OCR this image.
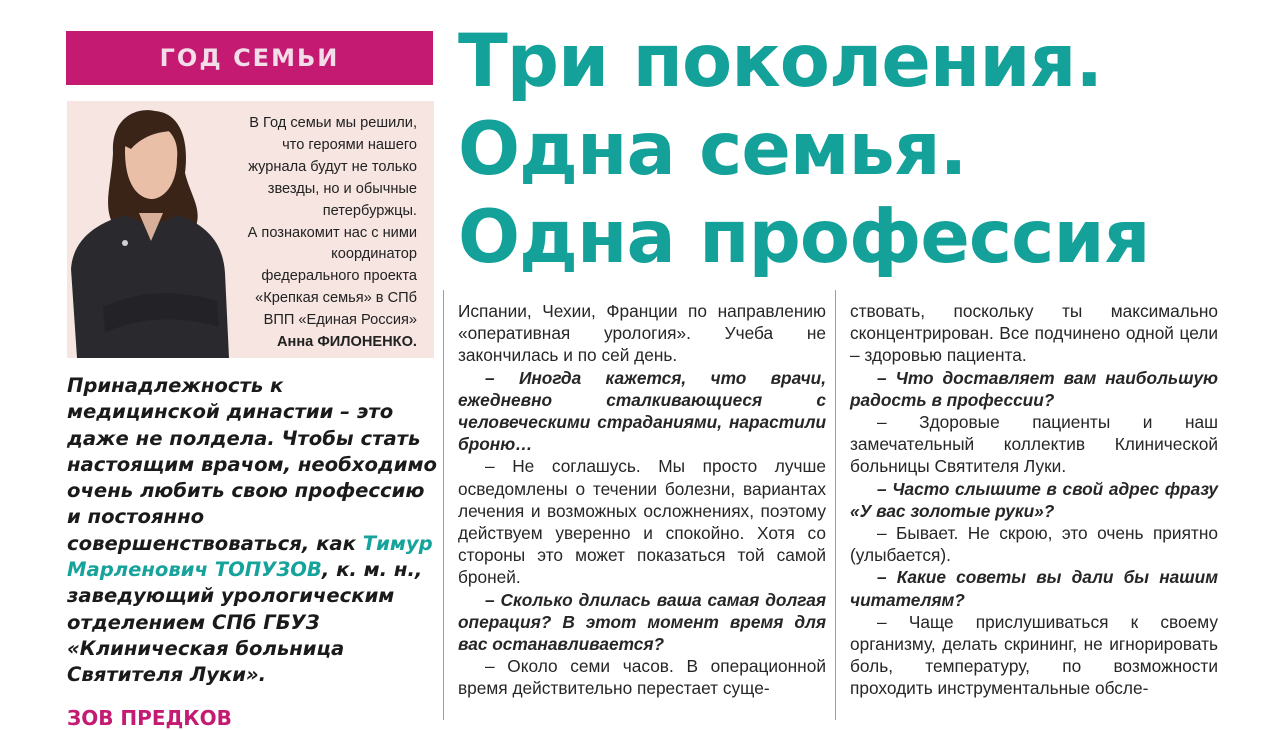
ГОД СЕМЬИ
В Год семьи мы решили,
что героями нашего
журнала будут не только
звезды, но и обычные
петербуржцы.
А познакомит нас с ними
координатор
федерального проекта
«Крепкая семья» в СПб
ВПП «Единая Россия»
Анна ФИЛОНЕНКО.
Принадлежность к медицинской династии – это даже не полдела. Чтобы стать настоящим врачом, необходимо очень любить свою профессию и постоянно совершенствоваться, как Тимур Марленович ТОПУЗОВ, к. м. н., заведующий урологическим отделением СПб ГБУЗ «Клиническая больница Святителя Луки».
ЗОВ ПРЕДКОВ
Три поколения.
Одна семья.
Одна профессия

Испании, Чехии, Франции по направлению «оперативная урология». Учеба не закончилась и по сей день.

– Иногда кажется, что врачи, ежедневно сталкивающиеся с человеческими страданиями, нарастили броню…

– Не соглашусь. Мы просто лучше осведомлены о течении болезни, вариантах лечения и возможных осложнениях, поэтому действуем уверенно и спокойно. Хотя со стороны это может показаться той самой броней.

– Сколько длилась ваша самая долгая операция? В этот момент время для вас останавливается?

– Около семи часов. В операционной время действительно перестает суще-

ствовать, поскольку ты максимально сконцентрирован. Все подчинено одной цели – здоровью пациента.

– Что доставляет вам наибольшую радость в профессии?

– Здоровые пациенты и наш замечательный коллектив Клинической больницы Святителя Луки.

– Часто слышите в свой адрес фразу «У вас золотые руки»?

– Бывает. Не скрою, это очень приятно (улыбается).

– Какие советы вы дали бы нашим читателям?

– Чаще прислушиваться к своему организму, делать скрининг, не игнорировать боль, температуру, по возможности проходить инструментальные обсле-
